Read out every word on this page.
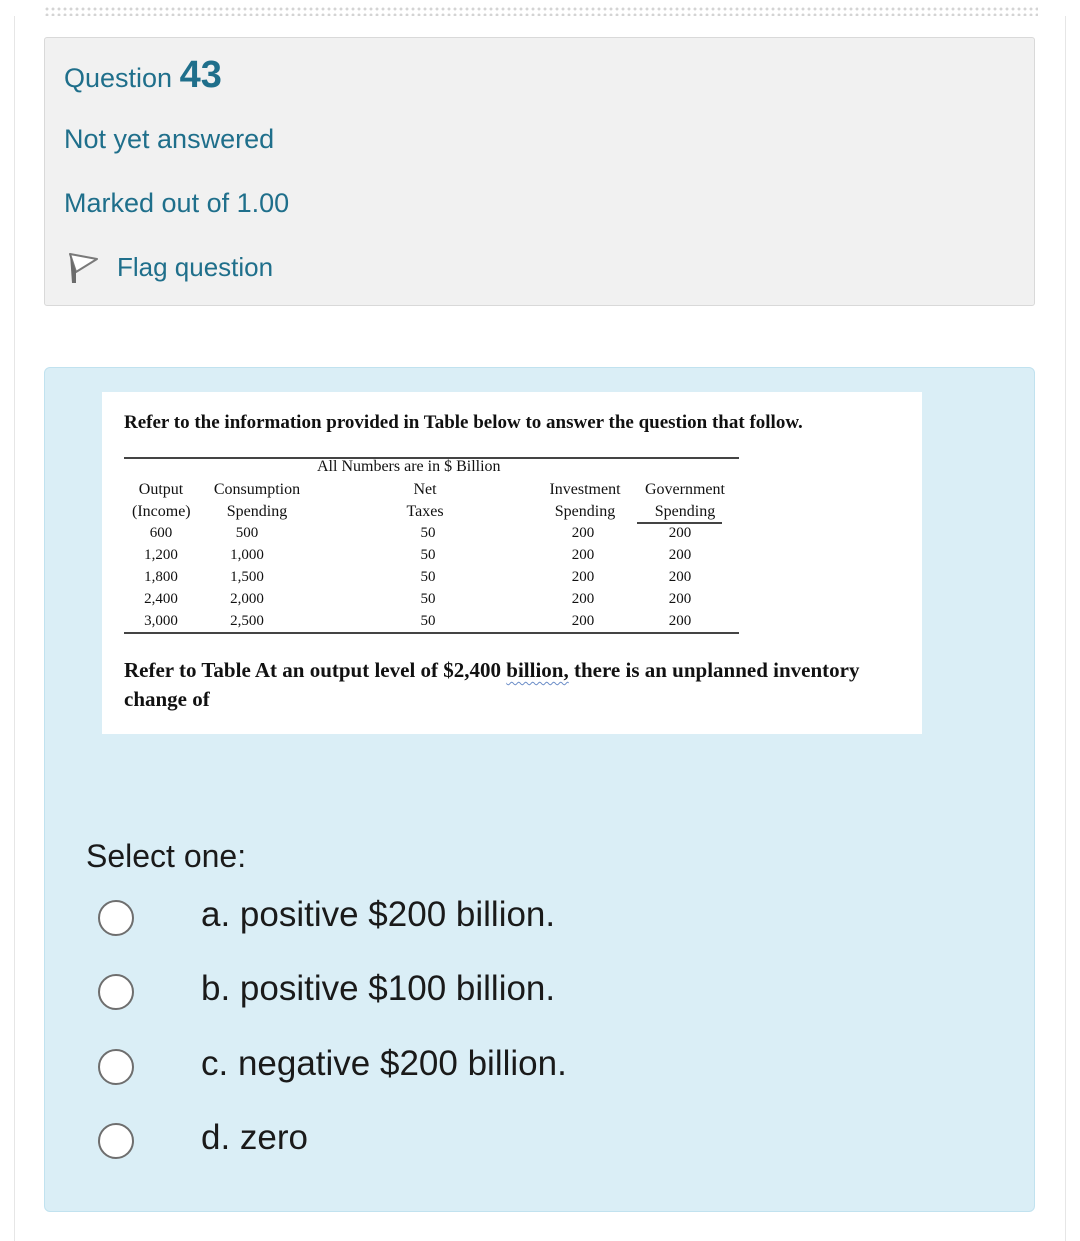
Question 43
Not yet answered
Marked out of 1.00
Flag question
Refer to the information provided in Table below to answer the question that follow.
All Numbers are in $ Billion
Output
(Income)
Consumption
Spending
Net
Taxes
Investment
Spending
Government
Spending
600
1,200
1,800
2,400
3,000
500
1,000
1,500
2,000
2,500
50
50
50
50
50
200
200
200
200
200
200
200
200
200
200
Refer to Table At an output level of $2,400 billion, there is an unplanned inventory change of
Select one:
a. positive $200 billion.
b. positive $100 billion.
c. negative $200 billion.
d. zero
